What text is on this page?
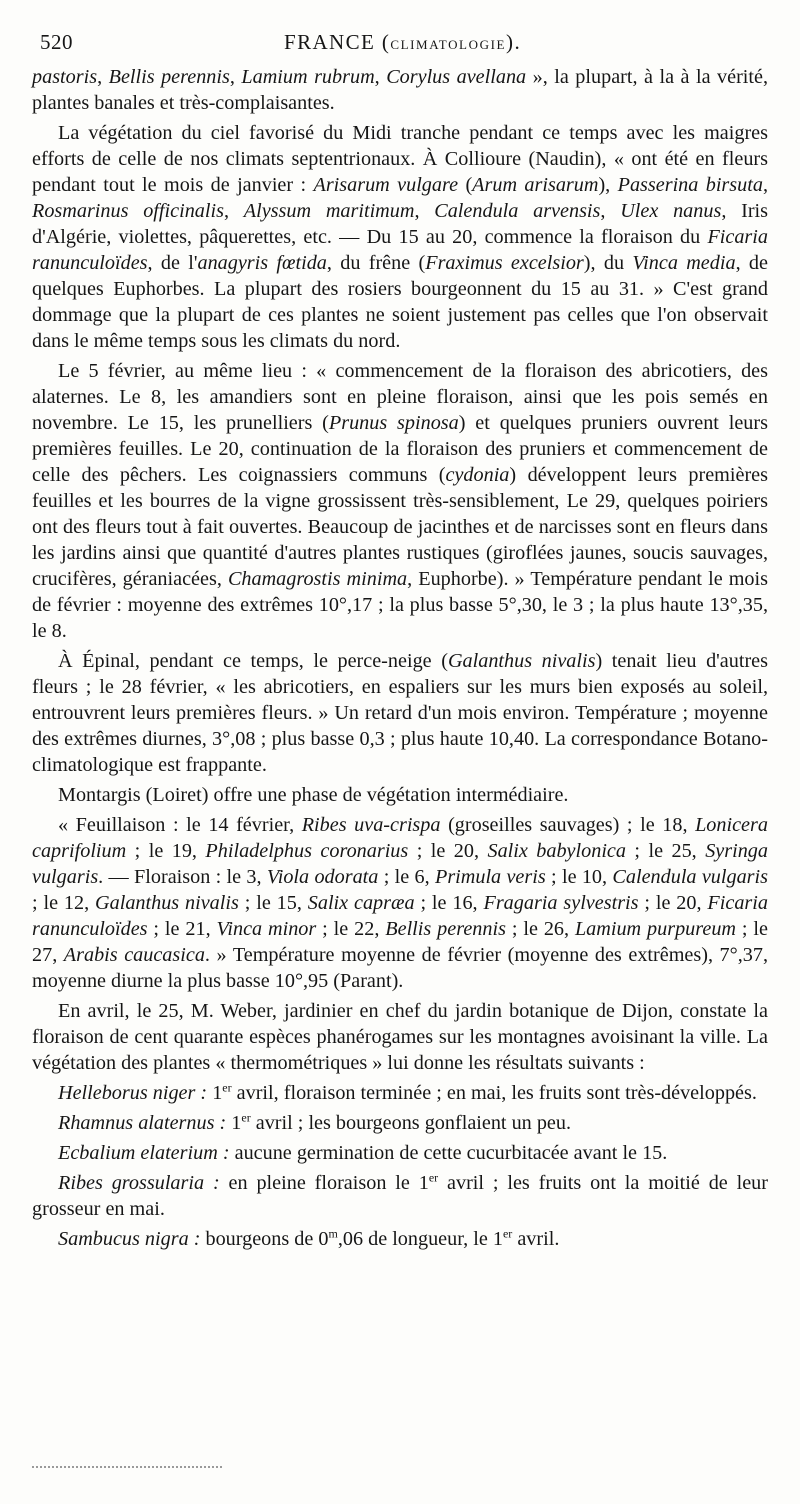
520	FRANCE (CLIMATOLOGIE).

pastoris, Bellis perennis, Lamium rubrum, Corylus avellana », la plupart, à la à la vérité, plantes banales et très-complaisantes.

La végétation du ciel favorisé du Midi tranche pendant ce temps avec les maigres efforts de celle de nos climats septentrionaux. À Collioure (Naudin), « ont été en fleurs pendant tout le mois de janvier : Arisarum vulgare (Arum arisarum), Passerina birsuta, Rosmarinus officinalis, Alyssum maritimum, Calendula arvensis, Ulex nanus, Iris d'Algérie, violettes, pâquerettes, etc. — Du 15 au 20, commence la floraison du Ficaria ranunculoïdes, de l'anagyris fœtida, du frêne (Fraximus excelsior), du Vinca media, de quelques Euphorbes. La plupart des rosiers bourgeonnent du 15 au 31. » C'est grand dommage que la plupart de ces plantes ne soient justement pas celles que l'on observait dans le même temps sous les climats du nord.

Le 5 février, au même lieu : « commencement de la floraison des abricotiers, des alaternes. Le 8, les amandiers sont en pleine floraison, ainsi que les pois semés en novembre. Le 15, les prunelliers (Prunus spinosa) et quelques pruniers ouvrent leurs premières feuilles. Le 20, continuation de la floraison des pruniers et commencement de celle des pêchers. Les coignassiers communs (cydonia) développent leurs premières feuilles et les bourres de la vigne grossissent très-sensiblement, Le 29, quelques poiriers ont des fleurs tout à fait ouvertes. Beaucoup de jacinthes et de narcisses sont en fleurs dans les jardins ainsi que quantité d'autres plantes rustiques (giroflées jaunes, soucis sauvages, crucifères, géraniacées, Chamagrostis minima, Euphorbe). » Température pendant le mois de février : moyenne des extrêmes 10°,17 ; la plus basse 5°,30, le 3 ; la plus haute 13°,35, le 8.

À Épinal, pendant ce temps, le perce-neige (Galanthus nivalis) tenait lieu d'autres fleurs ; le 28 février, « les abricotiers, en espaliers sur les murs bien exposés au soleil, entrouvrent leurs premières fleurs. » Un retard d'un mois environ. Température ; moyenne des extrêmes diurnes, 3°,08 ; plus basse 0,3 ; plus haute 10,40. La correspondance Botano-climatologique est frappante.

Montargis (Loiret) offre une phase de végétation intermédiaire.

« Feuillaison : le 14 février, Ribes uva-crispa (groseilles sauvages) ; le 18, Lonicera caprifolium ; le 19, Philadelphus coronarius ; le 20, Salix babylonica ; le 25, Syringa vulgaris. — Floraison : le 3, Viola odorata ; le 6, Primula veris ; le 10, Calendula vulgaris ; le 12, Galanthus nivalis ; le 15, Salix capræa ; le 16, Fragaria sylvestris ; le 20, Ficaria ranunculoïdes ; le 21, Vinca minor ; le 22, Bellis perennis ; le 26, Lamium purpureum ; le 27, Arabis caucasica. » Température moyenne de février (moyenne des extrêmes), 7°,37, moyenne diurne la plus basse 10°,95 (Parant).

En avril, le 25, M. Weber, jardinier en chef du jardin botanique de Dijon, constate la floraison de cent quarante espèces phanérogames sur les montagnes avoisinant la ville. La végétation des plantes « thermométriques » lui donne les résultats suivants :

Helleborus niger : 1er avril, floraison terminée ; en mai, les fruits sont très-développés.

Rhamnus alaternus : 1er avril ; les bourgeons gonflaient un peu.

Ecbalium elaterium : aucune germination de cette cucurbitacée avant le 15.

Ribes grossularia : en pleine floraison le 1er avril ; les fruits ont la moitié de leur grosseur en mai.

Sambucus nigra : bourgeons de 0$^m$,06 de longueur, le 1er avril.
